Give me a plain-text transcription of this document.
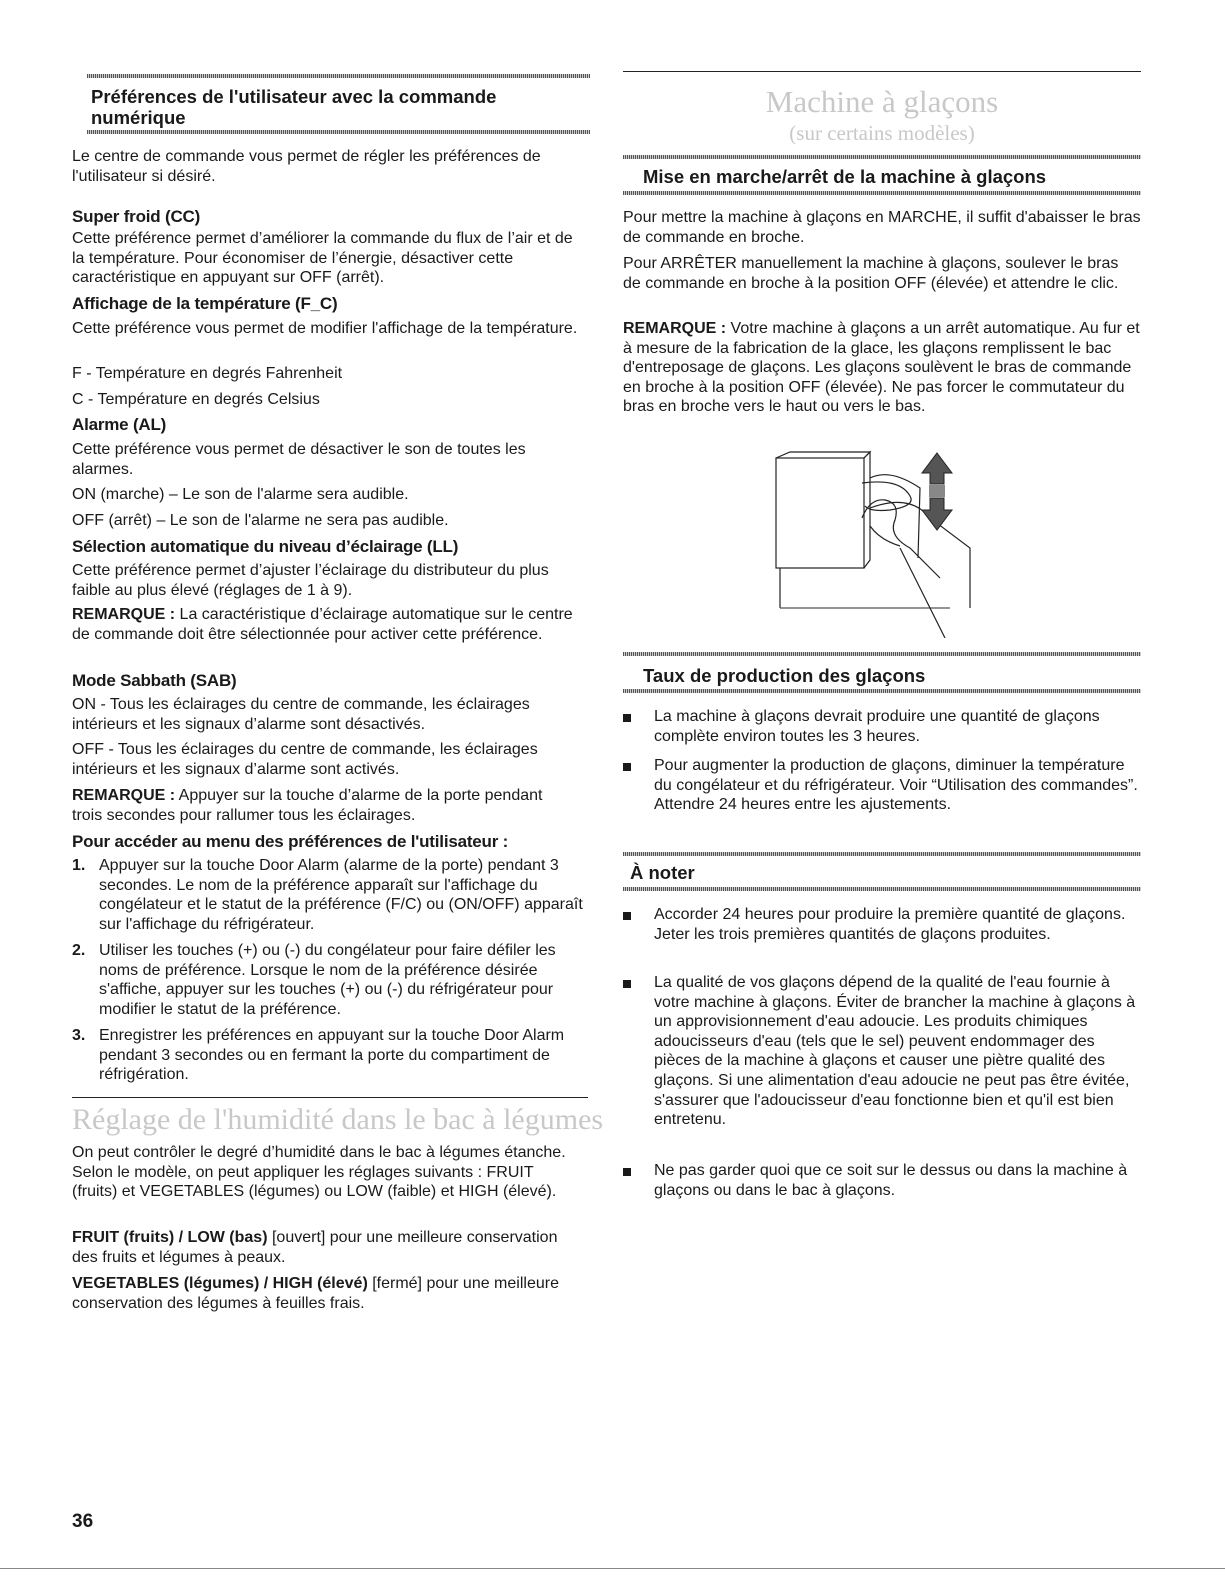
Préférences de l'utilisateur avec la commande
numérique

Le centre de commande vous permet de régler les préférences de l'utilisateur si désiré.

Super froid (CC)

Cette préférence permet d’améliorer la commande du flux de l’air et de la température. Pour économiser de l’énergie, désactiver cette caractéristique en appuyant sur OFF (arrêt).

Affichage de la température (F_C)

Cette préférence vous permet de modifier l'affichage de la température.

F - Température en degrés Fahrenheit

C - Température en degrés Celsius

Alarme (AL)

Cette préférence vous permet de désactiver le son de toutes les alarmes.

ON (marche) – Le son de l'alarme sera audible.

OFF (arrêt) – Le son de l'alarme ne sera pas audible.

Sélection automatique du niveau d’éclairage (LL)

Cette préférence permet d’ajuster l’éclairage du distributeur du plus faible au plus élevé (réglages de 1 à 9).

REMARQUE : La caractéristique d’éclairage automatique sur le centre de commande doit être sélectionnée pour activer cette préférence.

Mode Sabbath (SAB)

ON - Tous les éclairages du centre de commande, les éclairages intérieurs et les signaux d’alarme sont désactivés.

OFF - Tous les éclairages du centre de commande, les éclairages intérieurs et les signaux d’alarme sont activés.

REMARQUE : Appuyer sur la touche d’alarme de la porte pendant trois secondes pour rallumer tous les éclairages.

Pour accéder au menu des préférences de l'utilisateur :
1. Appuyer sur la touche Door Alarm (alarme de la porte) pendant 3 secondes. Le nom de la préférence apparaît sur l'affichage du congélateur et le statut de la préférence (F/C) ou (ON/OFF) apparaît sur l'affichage du réfrigérateur.
2. Utiliser les touches (+) ou (-) du congélateur pour faire défiler les noms de préférence. Lorsque le nom de la préférence désirée s'affiche, appuyer sur les touches (+) ou (-) du réfrigérateur pour modifier le statut de la préférence.
3. Enregistrer les préférences en appuyant sur la touche Door Alarm pendant 3 secondes ou en fermant la porte du compartiment de réfrigération.
Réglage de l'humidité dans le bac à légumes

On peut contrôler le degré d’humidité dans le bac à légumes étanche. Selon le modèle, on peut appliquer les réglages suivants : FRUIT (fruits) et VEGETABLES (légumes) ou LOW (faible) et HIGH (élevé).

FRUIT (fruits) / LOW (bas) [ouvert] pour une meilleure conservation des fruits et légumes à peaux.

VEGETABLES (légumes) / HIGH (élevé) [fermé] pour une meilleure conservation des légumes à feuilles frais.

Machine à glaçons
(sur certains modèles)
Mise en marche/arrêt de la machine à glaçons

Pour mettre la machine à glaçons en MARCHE, il suffit d'abaisser le bras de commande en broche.

Pour ARRÊTER manuellement la machine à glaçons, soulever le bras de commande en broche à la position OFF (élevée) et attendre le clic.

REMARQUE : Votre machine à glaçons a un arrêt automatique. Au fur et à mesure de la fabrication de la glace, les glaçons remplissent le bac d'entreposage de glaçons. Les glaçons soulèvent le bras de commande en broche à la position OFF (élevée). Ne pas forcer le commutateur du bras en broche vers le haut ou vers le bas.

Taux de production des glaçons
La machine à glaçons devrait produire une quantité de glaçons complète environ toutes les 3 heures.
Pour augmenter la production de glaçons, diminuer la température du congélateur et du réfrigérateur. Voir “Utilisation des commandes”. Attendre 24 heures entre les ajustements.
À noter
Accorder 24 heures pour produire la première quantité de glaçons. Jeter les trois premières quantités de glaçons produites.
La qualité de vos glaçons dépend de la qualité de l'eau fournie à votre machine à glaçons. Éviter de brancher la machine à glaçons à un approvisionnement d'eau adoucie. Les produits chimiques adoucisseurs d'eau (tels que le sel) peuvent endommager des pièces de la machine à glaçons et causer une piètre qualité des glaçons. Si une alimentation d'eau adoucie ne peut pas être évitée, s'assurer que l'adoucisseur d'eau fonctionne bien et qu'il est bien entretenu.
Ne pas garder quoi que ce soit sur le dessus ou dans la machine à glaçons ou dans le bac à glaçons.
36
